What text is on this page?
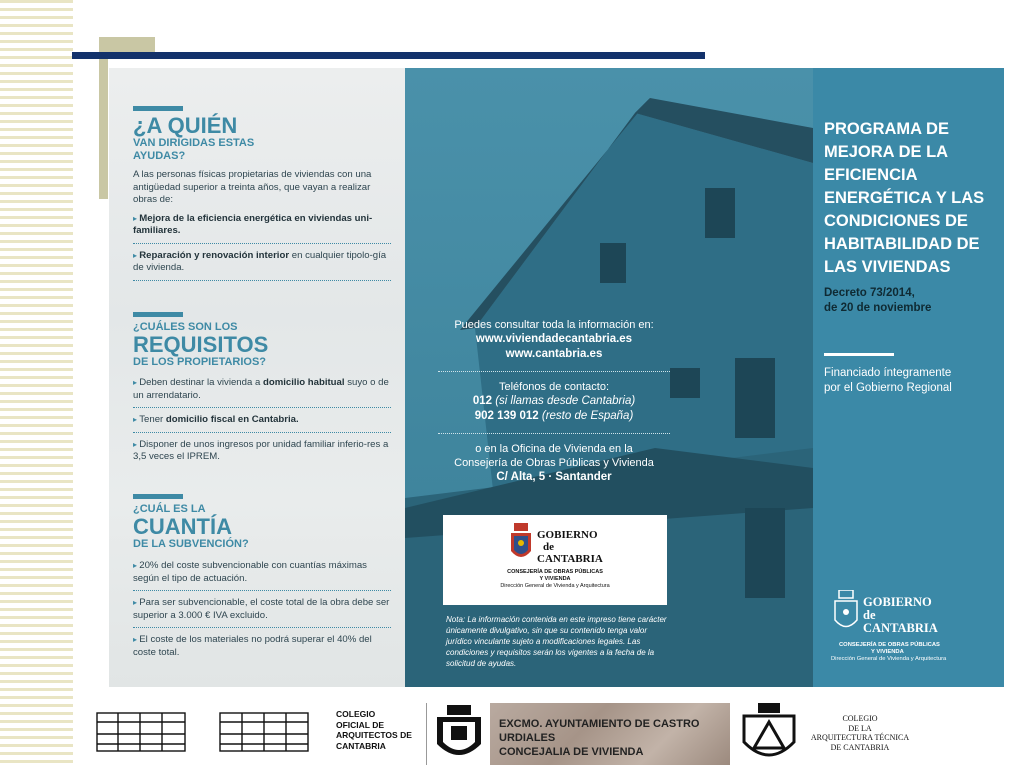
¿A QUIÉN
VAN DIRIGIDAS ESTAS AYUDAS?
A las personas físicas propietarias de viviendas con una antigüedad superior a treinta años, que vayan a realizar obras de:
▸ Mejora de la eficiencia energética en viviendas uni-familiares.
▸ Reparación y renovación interior en cualquier tipolo-gía de vivienda.
¿CUÁLES SON LOS
REQUISITOS
DE LOS PROPIETARIOS?
▸ Deben destinar la vivienda a domicilio habitual suyo o de un arrendatario.
▸ Tener domicilio fiscal en Cantabria.
▸ Disponer de unos ingresos por unidad familiar inferio-res a 3,5 veces el IPREM.
¿CUÁL ES LA
CUANTÍA
DE LA SUBVENCIÓN?
▸ 20% del coste subvencionable con cuantías máximas según el tipo de actuación.
▸ Para ser subvencionable, el coste total de la obra debe ser superior a 3.000 € IVA excluido.
▸ El coste de los materiales no podrá superar el 40% del coste total.
Puedes consultar toda la información en:
www.viviendadecantabria.es
www.cantabria.es
Teléfonos de contacto:
012 (si llamas desde Cantabria)
902 139 012 (resto de España)
o en la Oficina de Vivienda en la
Consejería de Obras Públicas y Vivienda
C/ Alta, 5 · Santander
GOBIERNO
de
CANTABRIA
CONSEJERÍA DE OBRAS PÚBLICAS
Y VIVIENDA
Dirección General de Vivienda y Arquitectura
Nota: La información contenida en este impreso tiene carácter únicamente divulgativo, sin que su contenido tenga valor jurídico vinculante sujeto a modificaciones legales. Las condiciones y requisitos serán los vigentes a la fecha de la solicitud de ayudas.
PROGRAMA DE MEJORA DE LA EFICIENCIA ENERGÉTICA Y LAS CONDICIONES DE HABITABILIDAD DE LAS VIVIENDAS
Decreto 73/2014,
de 20 de noviembre
Financiado íntegramente
por el Gobierno Regional
GOBIERNO
de
CANTABRIA
CONSEJERÍA DE OBRAS PÚBLICAS
Y VIVIENDA
Dirección General de Vivienda y Arquitectura
COLEGIO
OFICIAL DE
ARQUITECTOS DE
CANTABRIA
EXCMO. AYUNTAMIENTO DE CASTRO URDIALES
CONCEJALIA DE VIVIENDA
COLEGIO
DE LA
ARQUITECTURA TÉCNICA
DE CANTABRIA
